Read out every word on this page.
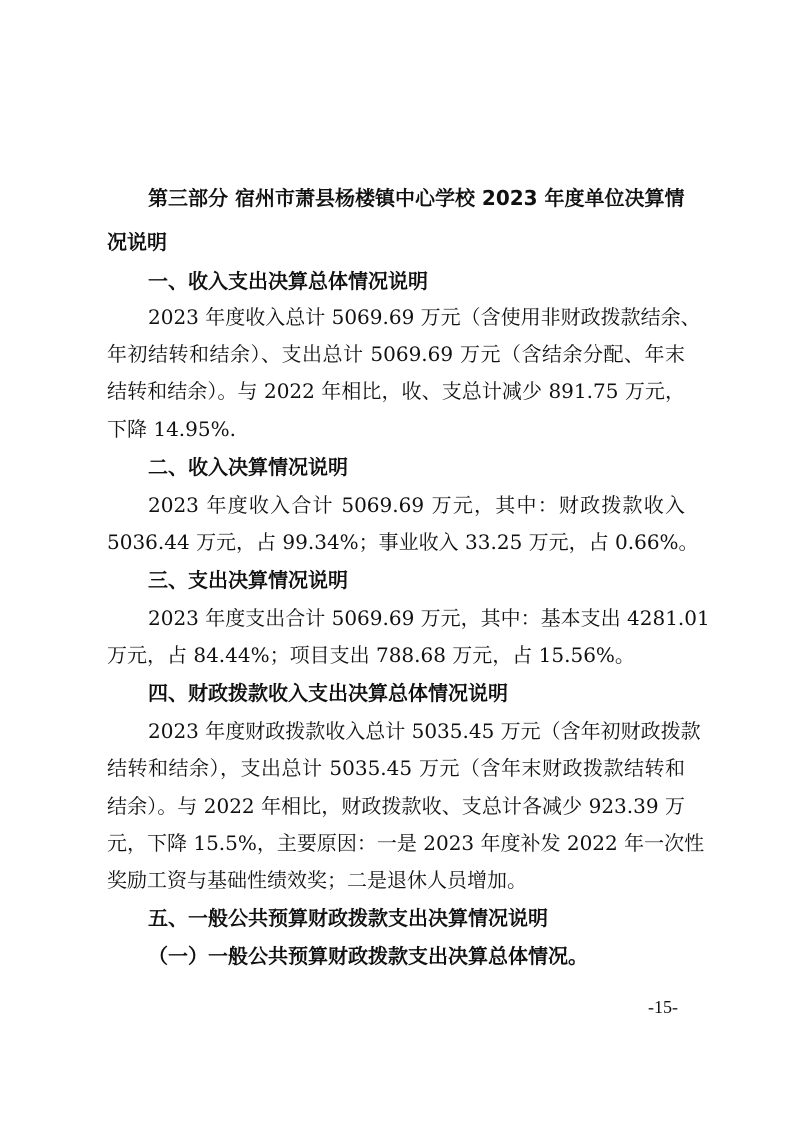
第三部分 宿州市萧县杨楼镇中心学校 2023 年度单位决算情
况说明
一、收入支出决算总体情况说明
2023 年度收入总计 5069.69 万元（含使用非财政拨款结余、
年初结转和结余）、支出总计 5069.69 万元（含结余分配、年末
结转和结余）。与 2022 年相比，收、支总计减少 891.75 万元，
下降 14.95%.
二、收入决算情况说明
2023 年度收入合计 5069.69 万元，其中：财政拨款收入
5036.44 万元，占 99.34%；事业收入 33.25 万元，占 0.66%。
三、支出决算情况说明
2023 年度支出合计 5069.69 万元，其中：基本支出 4281.01
万元，占 84.44%；项目支出 788.68 万元，占 15.56%。
四、财政拨款收入支出决算总体情况说明
2023 年度财政拨款收入总计 5035.45 万元（含年初财政拨款
结转和结余），支出总计 5035.45 万元（含年末财政拨款结转和
结余）。与 2022 年相比，财政拨款收、支总计各减少 923.39 万
元，下降 15.5%，主要原因：一是 2023 年度补发 2022 年一次性
奖励工资与基础性绩效奖；二是退休人员增加。
五、一般公共预算财政拨款支出决算情况说明
（一）一般公共预算财政拨款支出决算总体情况。
-15-
